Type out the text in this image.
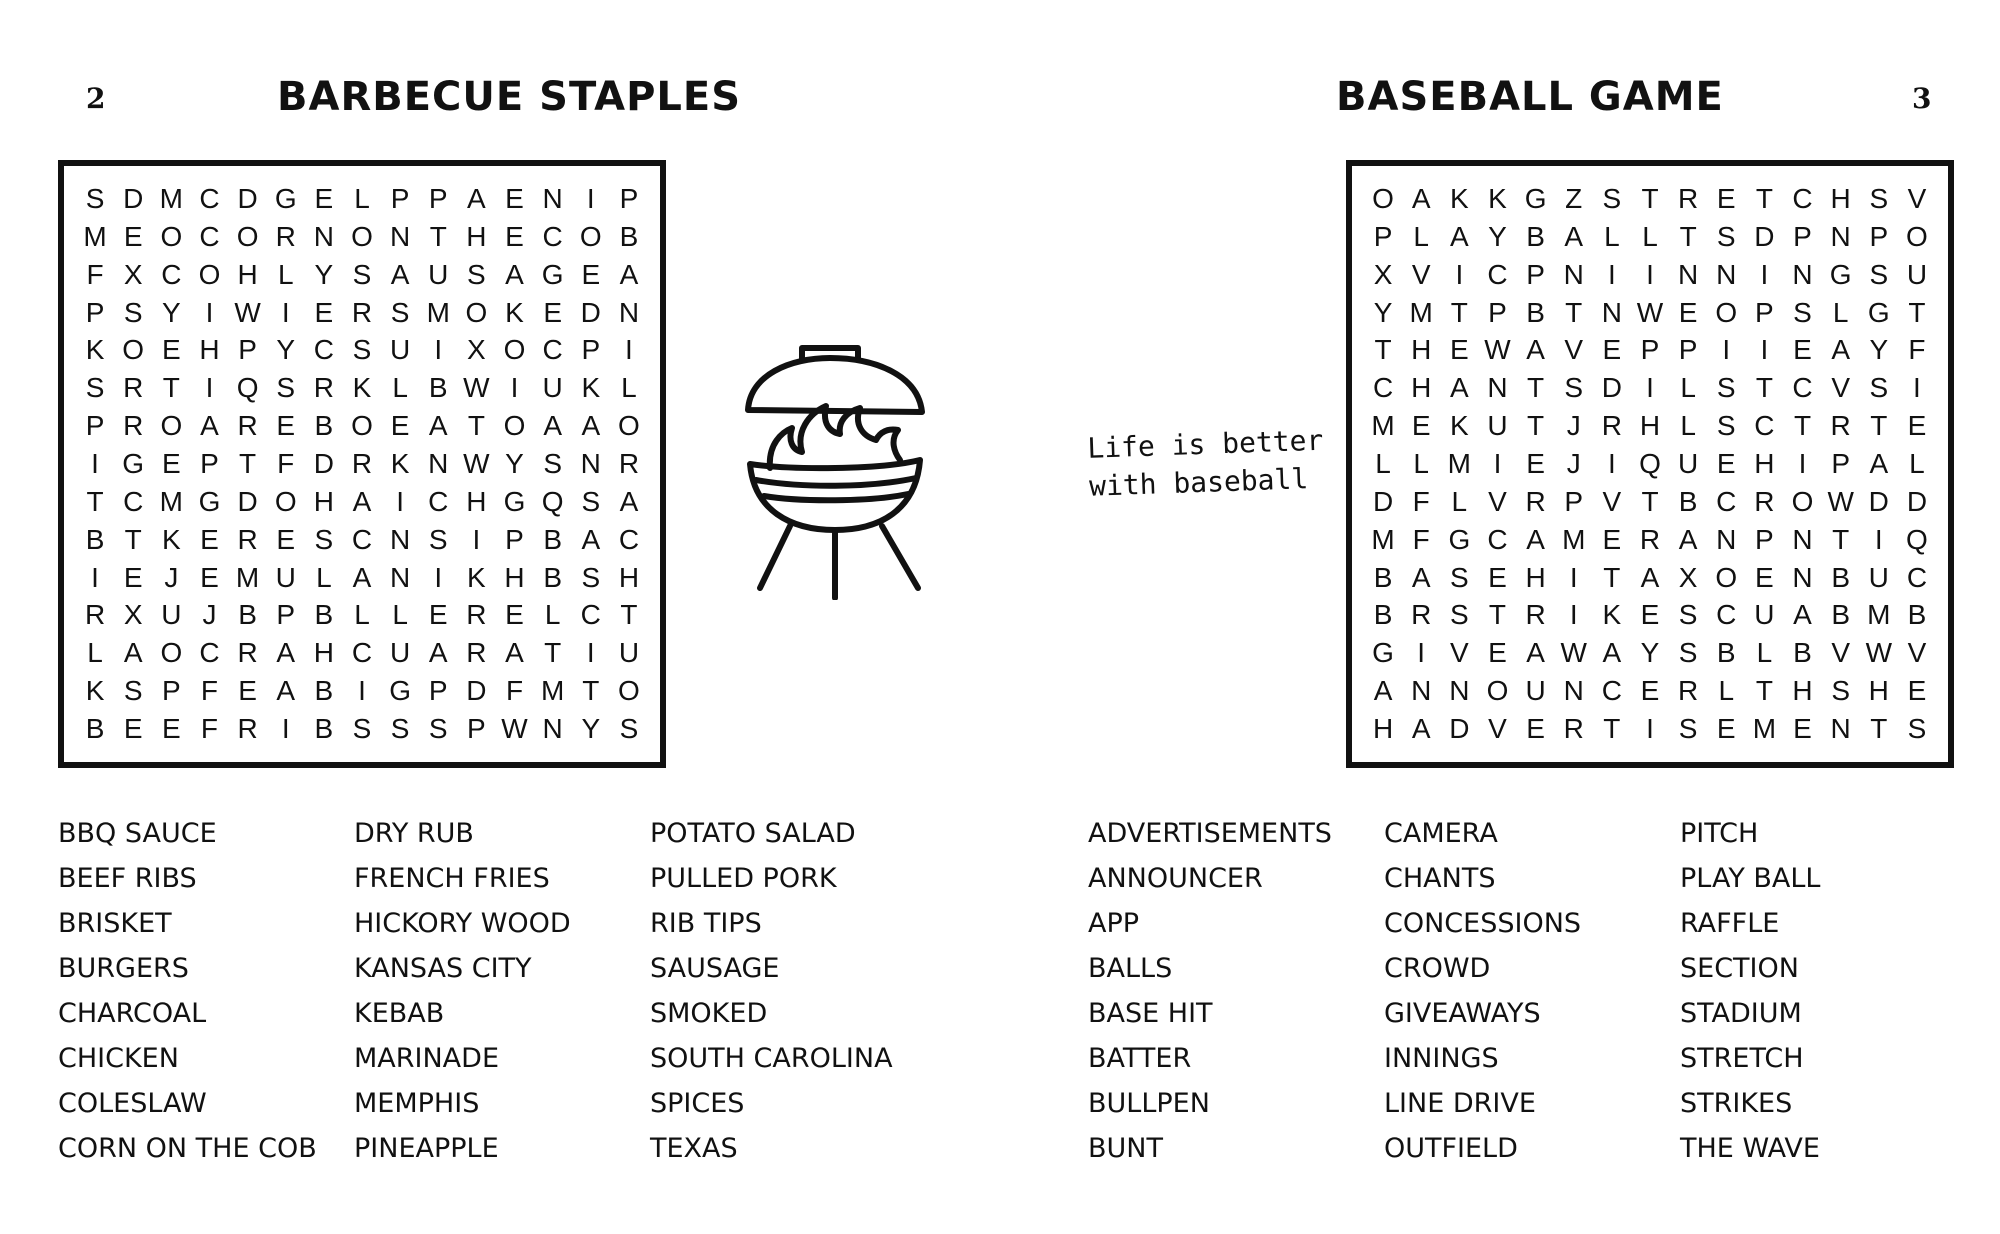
2	BARBECUE STAPLES
S D M C D G E L P P A E N I P
M E O C O R N O N T H E C O B
F X C O H L Y S A U S A G E A
P S Y I W I E R S M O K E D N
K O E H P Y C S U I X O C P I
S R T I Q S R K L B W I U K L
P R O A R E B O E A T O A A O
I G E P T F D R K N W Y S N R
T C M G D O H A I C H G Q S A
B T K E R E S C N S I P B A C
I E J E M U L A N I K H B S H
R X U J B P B L L E R E L C T
L A O C R A H C U A R A T I U
K S P F E A B I G P D F M T O
B E E F R I B S S S P W N Y S
BBQ SAUCE
BEEF RIBS
BRISKET
BURGERS
CHARCOAL
CHICKEN
COLESLAW
CORN ON THE COB
DRY RUB
FRENCH FRIES
HICKORY WOOD
KANSAS CITY
KEBAB
MARINADE
MEMPHIS
PINEAPPLE
POTATO SALAD
PULLED PORK
RIB TIPS
SAUSAGE
SMOKED
SOUTH CAROLINA
SPICES
TEXAS
BASEBALL GAME	3
Life is better
with baseball
O A K K G Z S T R E T C H S V
P L A Y B A L L T S D P N P O
X V I C P N I	I N N I N G S U
Y M T P B T N W E O P S L G T
T H E W A V E P P I	I E A Y F
C H A N T S D I L S T C V S I
M E K U T J R H L S C T R T E
L L M I E J I Q U E H I P A L
D F L V R P V T B C R O W D D
M F G C A M E R A N P N T I Q
B A S E H I T A X O E N B U C
B R S T R I K E S C U A B M B
G I V E A W A Y S B L B V W V
A N N O U N C E R L T H S H E
H A D V E R T I S E M E N T S
ADVERTISEMENTS
ANNOUNCER
APP
BALLS
BASE HIT
BATTER
BULLPEN
BUNT
CAMERA
CHANTS
CONCESSIONS
CROWD
GIVEAWAYS
INNINGS
LINE DRIVE
OUTFIELD
PITCH
PLAY BALL
RAFFLE
SECTION
STADIUM
STRETCH
STRIKES
THE WAVE
